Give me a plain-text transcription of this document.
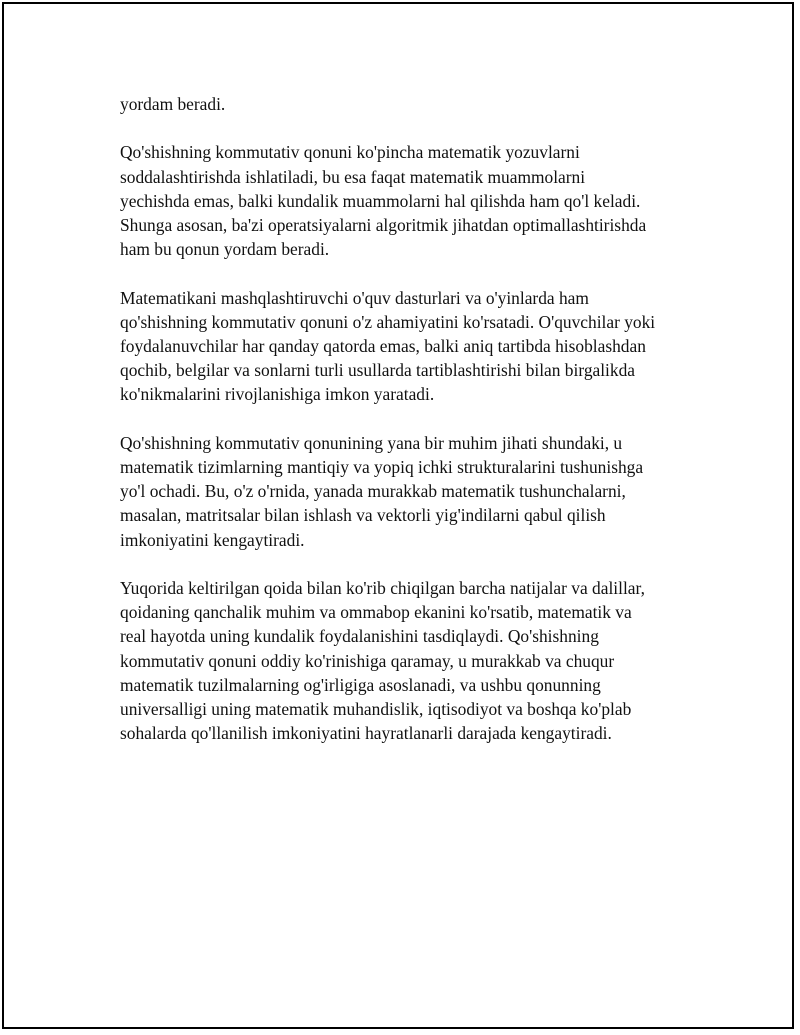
yordam beradi.

Qo'shishning kommutativ qonuni ko'pincha matematik yozuvlarni
soddalashtirishda ishlatiladi, bu esa faqat matematik muammolarni
yechishda emas, balki kundalik muammolarni hal qilishda ham qo'l keladi.
Shunga asosan, ba'zi operatsiyalarni algoritmik jihatdan optimallashtirishda
ham bu qonun yordam beradi.

Matematikani mashqlashtiruvchi o'quv dasturlari va o'yinlarda ham
qo'shishning kommutativ qonuni o'z ahamiyatini ko'rsatadi. O'quvchilar yoki
foydalanuvchilar har qanday qatorda emas, balki aniq tartibda hisoblashdan
qochib, belgilar va sonlarni turli usullarda tartiblashtirishi bilan birgalikda
ko'nikmalarini rivojlanishiga imkon yaratadi.

Qo'shishning kommutativ qonunining yana bir muhim jihati shundaki, u
matematik tizimlarning mantiqiy va yopiq ichki strukturalarini tushunishga
yo'l ochadi. Bu, o'z o'rnida, yanada murakkab matematik tushunchalarni,
masalan, matritsalar bilan ishlash va vektorli yig'indilarni qabul qilish
imkoniyatini kengaytiradi.

Yuqorida keltirilgan qoida bilan ko'rib chiqilgan barcha natijalar va dalillar,
qoidaning qanchalik muhim va ommabop ekanini ko'rsatib, matematik va
real hayotda uning kundalik foydalanishini tasdiqlaydi. Qo'shishning
kommutativ qonuni oddiy ko'rinishiga qaramay, u murakkab va chuqur
matematik tuzilmalarning og'irligiga asoslanadi, va ushbu qonunning
universalligi uning matematik muhandislik, iqtisodiyot va boshqa ko'plab
sohalarda qo'llanilish imkoniyatini hayratlanarli darajada kengaytiradi.
